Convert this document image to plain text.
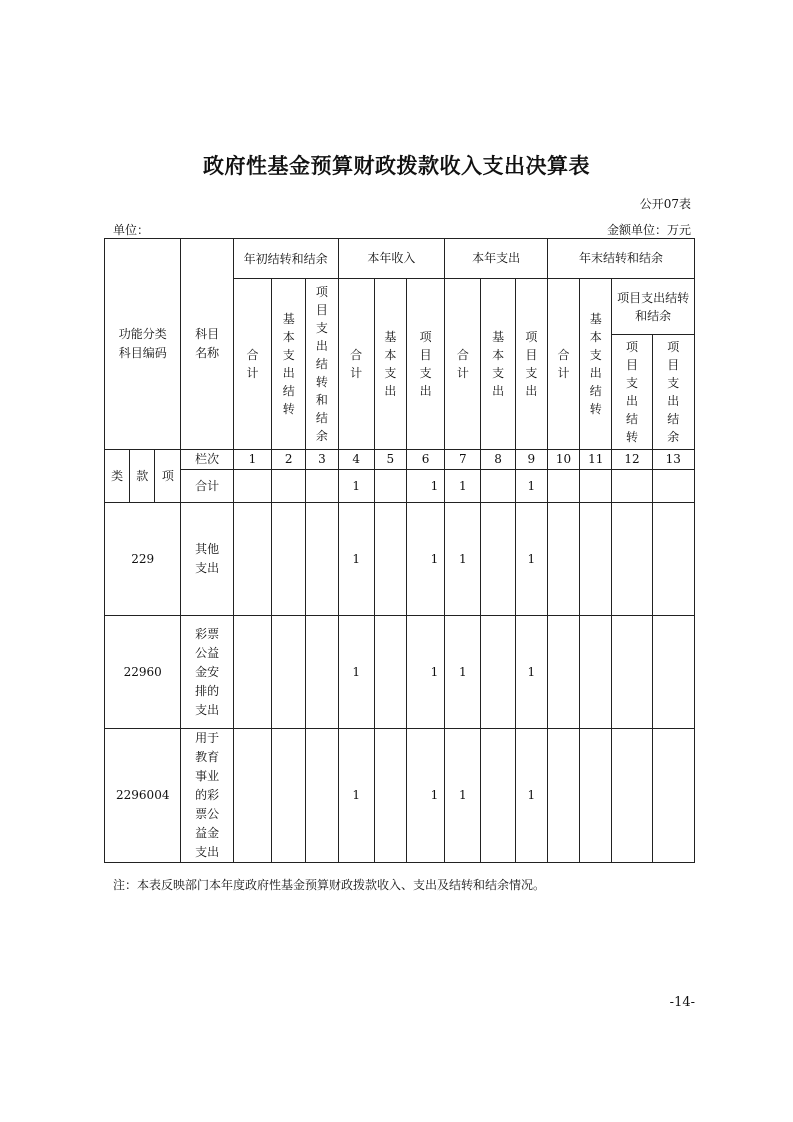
政府性基金预算财政拨款收入支出决算表
公开07表
单位：	金额单位：万元
功能分类科目编码			科目名称	年初结转和结余			本年收入			本年支出			年末结转和结余			
				合计	基本支出结转	项目支出结转和结余	合计	基本支出	项目支出	合计	基本支出	项目支出	合计	基本支出结转	项目支出结转和结余	

															项目支出结转	项目支出结余
类	款	项	栏次	1	2	3	4	5	6	7	8	9	10	11	12	13
			合计				1		1	1		1				
229			其他支出				1		1	1		1				
22960			彩票公益金安排的支出				1		1	1		1				
2296004			用于教育事业的彩票公益金支出				1		1	1		1				
注：本表反映部门本年度政府性基金预算财政拨款收入、支出及结转和结余情况。
-14-
